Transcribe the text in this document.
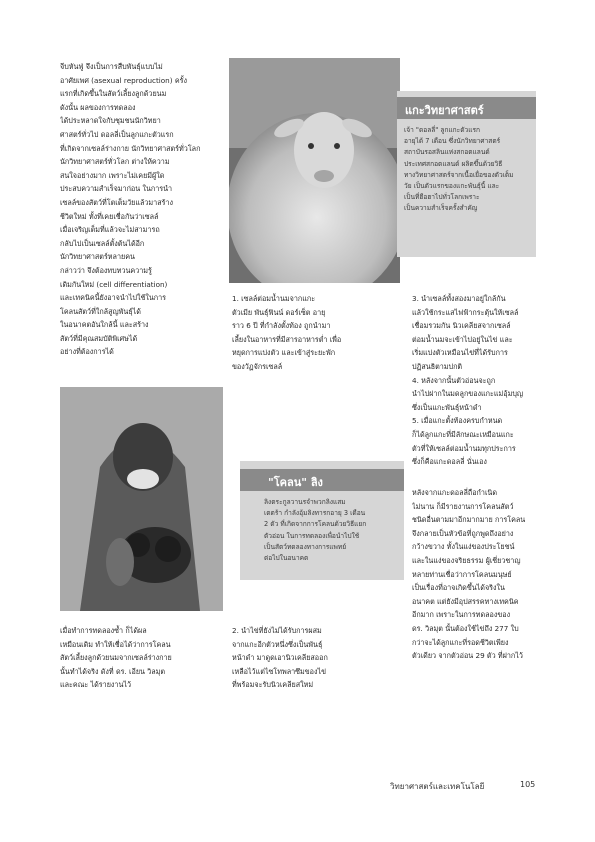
จีบหันฟู่ จึงเป็นการสืบพันธุ์แบบไม่
อาศัยเพศ (asexual reproduction) ครั้ง
แรกที่เกิดขึ้นในสัตว์เลี้ยงลูกด้วยนม
ดังนั้น ผลของการทดลอง
ได้ประหลาดใจกับชุมชนนักวิทยา
ศาสตร์ทั่วไป ดอลลี่เป็นลูกแกะตัวแรก
ที่เกิดจากเซลล์ร่างกาย นักวิทยาศาสตร์ทั่วโลก
นักวิทยาศาสตร์ทั่วโลก ต่างให้ความ
สนใจอย่างมาก เพราะไม่เคยมีผู้ใด
ประสบความสำเร็จมาก่อน ในการนำ
เซลล์ของสัตว์ที่โตเต็มวัยแล้วมาสร้าง
ชีวิตใหม่ ทั้งที่เคยเชื่อกันว่าเซลล์
เมื่อเจริญเต็มที่แล้วจะไม่สามารถ
กลับไปเป็นเซลล์ตั้งต้นได้อีก
นักวิทยาศาสตร์หลายคน
กล่าวว่า จึงต้องทบทวนความรู้
เดิมกันใหม่ (cell differentiation)
และเทคนิคนี้ยังอาจนำไปใช้ในการ
โคลนสัตว์ที่ใกล้สูญพันธุ์ได้
ในอนาคตอันใกล้นี้ และสร้าง
สัตว์ที่มีคุณสมบัติพิเศษได้
อย่างที่ต้องการได้
แกะวิทยาศาสตร์
เจ้า "ดอลลี่" ลูกแกะตัวแรก
อายุได้ 7 เดือน ซึ่งนักวิทยาศาสตร์
สถาบันรอสลินแห่งสกอตแลนด์
ประเทศสกอตแลนด์ ผลิตขึ้นด้วยวิธี
ทางวิทยาศาสตร์จากเนื้อเยื่อของตัวเต็ม
วัย เป็นตัวแรกของแกะพันธุ์นี้ และ
เป็นที่ฮือฮาไปทั่วโลกเพราะ
เป็นความสำเร็จครั้งสำคัญ
1. เซลล์ต่อมน้ำนมจากแกะ
ตัวเมีย พันธุ์ฟินน์ ดอร์เซ็ต อายุ
ราว 6 ปี ที่กำลังตั้งท้อง ถูกนำมา
เลี้ยงในอาหารที่มีสารอาหารต่ำ เพื่อ
หยุดการแบ่งตัว และเข้าสู่ระยะพัก
ของวัฏจักรเซลล์
3. นำเซลล์ทั้งสองมาอยู่ใกล้กัน
แล้วใช้กระแสไฟฟ้ากระตุ้นให้เซลล์
เชื่อมรวมกัน นิวเคลียสจากเซลล์
ต่อมน้ำนมจะเข้าไปอยู่ในไข่ และ
เริ่มแบ่งตัวเหมือนไข่ที่ได้รับการ
ปฏิสนธิตามปกติ
4. หลังจากนั้นตัวอ่อนจะถูก
นำไปฝากในมดลูกของแกะแม่อุ้มบุญ
ซึ่งเป็นแกะพันธุ์หน้าดำ
5. เมื่อแกะตั้งท้องครบกำหนด
ก็ได้ลูกแกะที่มีลักษณะเหมือนแกะ
ตัวที่ให้เซลล์ต่อมน้ำนมทุกประการ
ซึ่งก็คือแกะดอลลี่ นั่นเอง
"โคลน" ลิง
ลิงตระกูลวานรจำพวกลิงแสม
เตตร้า กำลังอุ้มลิงทารกอายุ 3 เดือน
2 ตัว ที่เกิดจากการโคลนด้วยวิธีแยก
ตัวอ่อน ในการทดลองเพื่อนำไปใช้
เป็นสัตว์ทดลองทางการแพทย์
ต่อไปในอนาคต
หลังจากแกะดอลลี่ถือกำเนิด
ไม่นาน ก็มีรายงานการโคลนสัตว์
ชนิดอื่นตามมาอีกมากมาย การโคลน
จึงกลายเป็นหัวข้อที่ถูกพูดถึงอย่าง
กว้างขวาง ทั้งในแง่ของประโยชน์
และในแง่ของจริยธรรม ผู้เชี่ยวชาญ
หลายท่านเชื่อว่าการโคลนมนุษย์
เป็นเรื่องที่อาจเกิดขึ้นได้จริงใน
อนาคต แต่ยังมีอุปสรรคทางเทคนิค
อีกมาก เพราะในการทดลองของ
ดร. วิลมุต นั้นต้องใช้ไข่ถึง 277 ใบ
กว่าจะได้ลูกแกะที่รอดชีวิตเพียง
ตัวเดียว จากตัวอ่อน 29 ตัว ที่ฝากไว้
เมื่อทำการทดลองซ้ำ ก็ได้ผล
เหมือนเดิม ทำให้เชื่อได้ว่าการโคลน
สัตว์เลี้ยงลูกด้วยนมจากเซลล์ร่างกาย
นั้นทำได้จริง ดังที่ ดร. เอียน วิลมุต
และคณะ ได้รายงานไว้
2. นำไข่ที่ยังไม่ได้รับการผสม
จากแกะอีกตัวหนึ่งซึ่งเป็นพันธุ์
หน้าดำ มาดูดเอานิวเคลียสออก
เหลือไว้แต่ไซโทพลาซึมของไข่
ที่พร้อมจะรับนิวเคลียสใหม่
วิทยาศาสตร์และเทคโนโลยี	105
